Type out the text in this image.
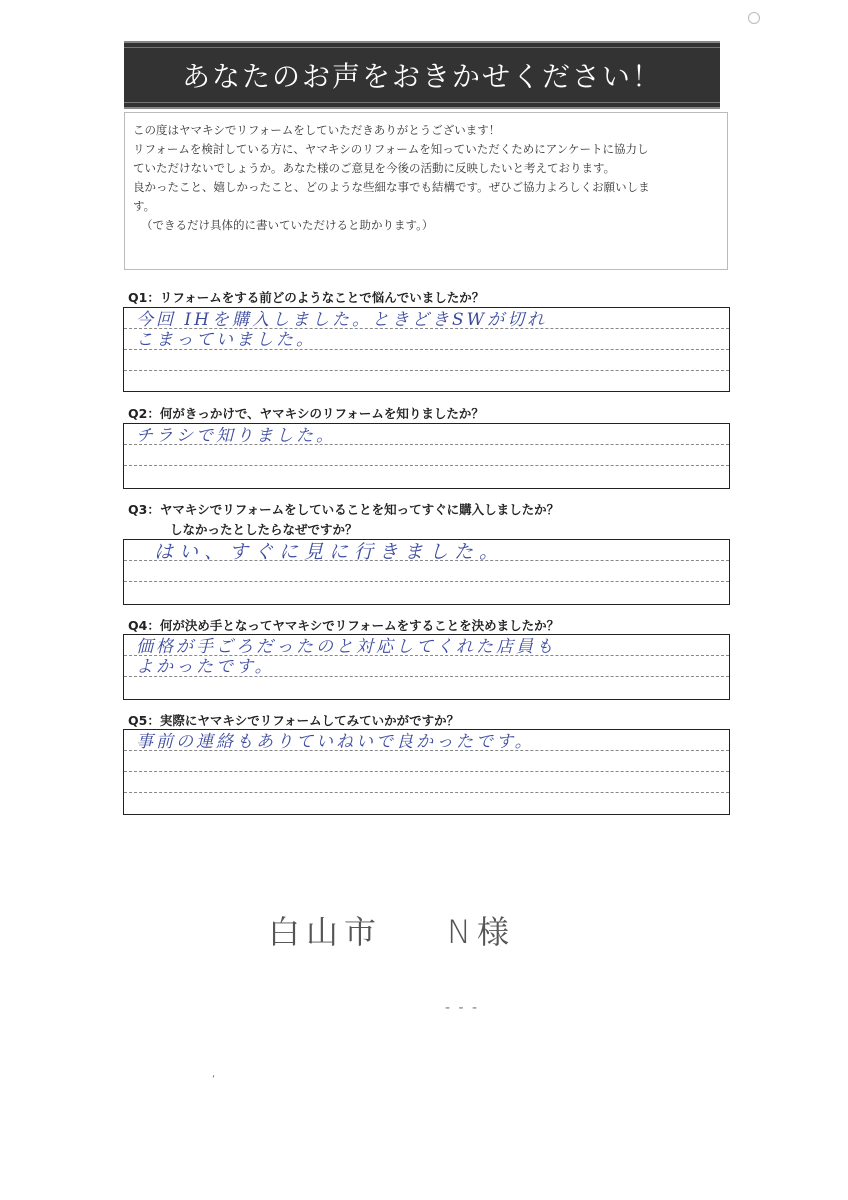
あなたのお声をおきかせください！

この度はヤマキシでリフォームをしていただきありがとうございます！

リフォームを検討している方に、ヤマキシのリフォームを知っていただくためにアンケートに協力し

ていただけないでしょうか。あなた様のご意見を今後の活動に反映したいと考えております。

良かったこと、嬉しかったこと、どのような些細な事でも結構です。ぜひご協力よろしくお願いしま

す。

（できるだけ具体的に書いていただけると助かります。）

Q1：リフォームをする前どのようなことで悩んでいましたか？
今回 IHを購入しました。ときどきSWが切れ
こまっていました。
Q2：何がきっかけで、ヤマキシのリフォームを知りましたか？
チラシで知りました。
Q3：ヤマキシでリフォームをしていることを知ってすぐに購入しましたか？
しなかったとしたらなぜですか？
はい、すぐに見に行きました。
Q4：何が決め手となってヤマキシでリフォームをすることを決めましたか？
価格が手ごろだったのと対応してくれた店員も
よかったです。
Q5：実際にヤマキシでリフォームしてみていかがですか？
事前の連絡もありていねいで良かったです。
白山市 N様
- - -
‘
